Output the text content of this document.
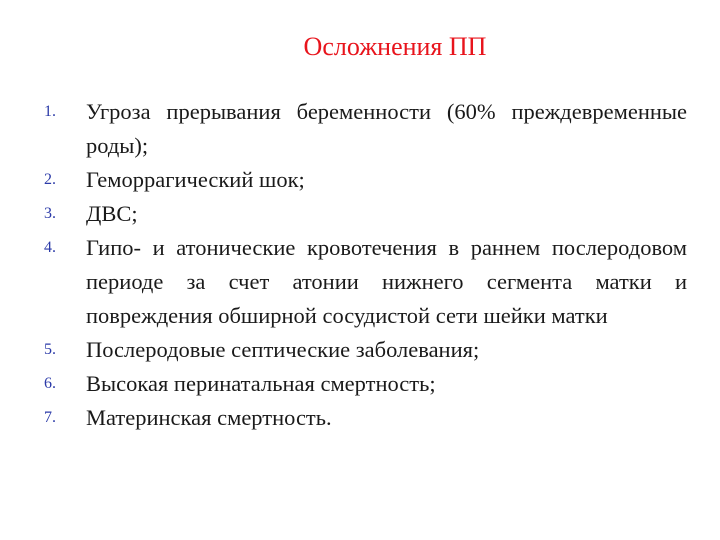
Осложнения ПП
1.	Угроза прерывания беременности (60% преждевременные роды);
2.	Геморрагический шок;
3.	ДВС;
4.	Гипо- и атонические кровотечения в раннем послеродовом периоде за счет атонии нижнего сегмента матки и повреждения обширной сосудистой сети шейки матки
5.	Послеродовые септические заболевания;
6.	Высокая перинатальная смертность;
7.	Материнская смертность.
